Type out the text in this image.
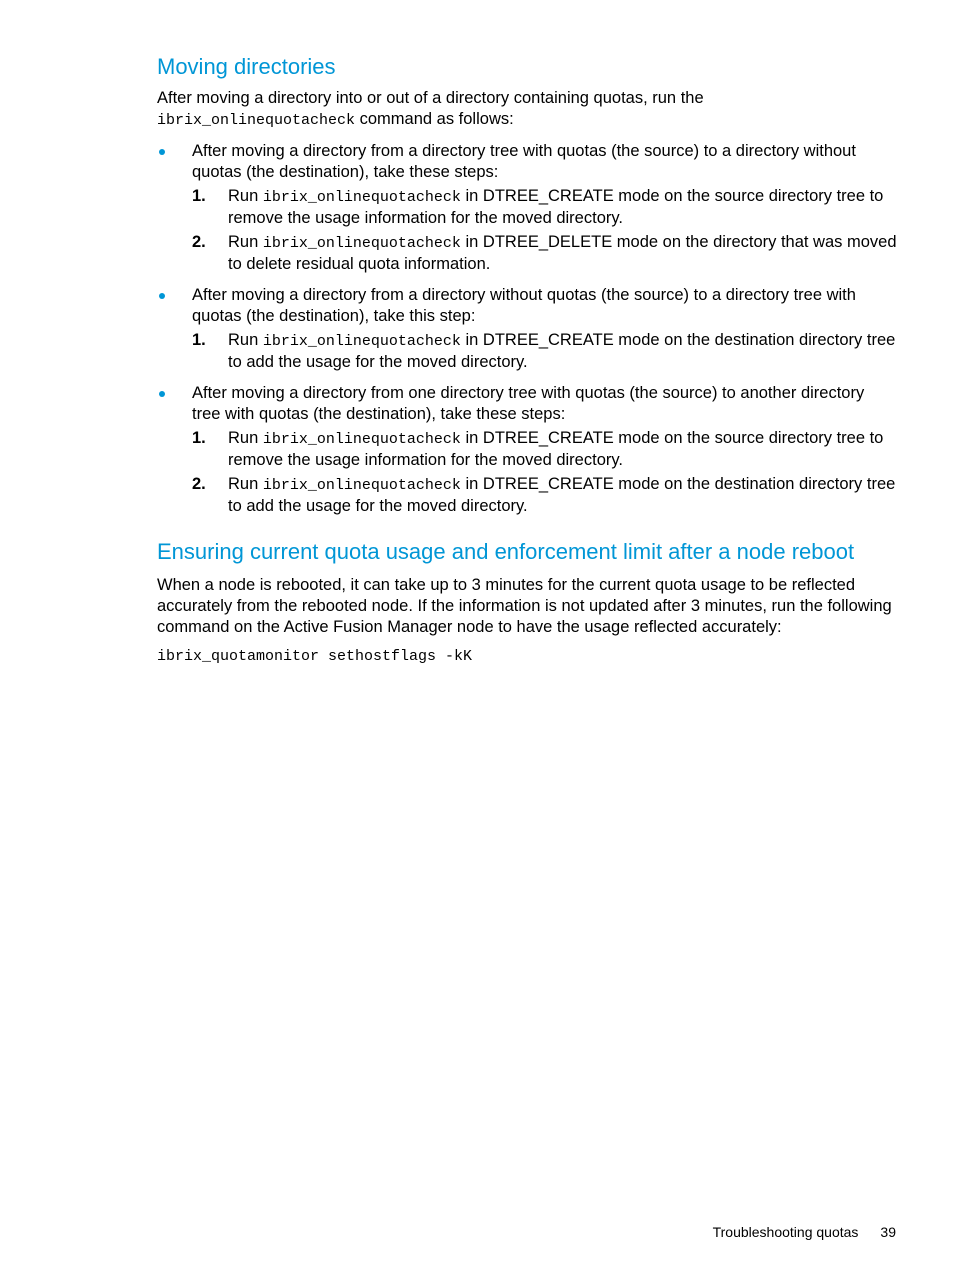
Moving directories

After moving a directory into or out of a directory containing quotas, run the
ibrix_onlinequotacheck command as follows:

After moving a directory from a directory tree with quotas (the source) to a directory without quotas (the destination), take these steps:
1. Run ibrix_onlinequotacheck in DTREE_CREATE mode on the source directory tree to remove the usage information for the moved directory.
2. Run ibrix_onlinequotacheck in DTREE_DELETE mode on the directory that was moved to delete residual quota information.
After moving a directory from a directory without quotas (the source) to a directory tree with quotas (the destination), take this step:
1. Run ibrix_onlinequotacheck in DTREE_CREATE mode on the destination directory tree to add the usage for the moved directory.
After moving a directory from one directory tree with quotas (the source) to another directory tree with quotas (the destination), take these steps:
1. Run ibrix_onlinequotacheck in DTREE_CREATE mode on the source directory tree to remove the usage information for the moved directory.
2. Run ibrix_onlinequotacheck in DTREE_CREATE mode on the destination directory tree to add the usage for the moved directory.
Ensuring current quota usage and enforcement limit after a node reboot

When a node is rebooted, it can take up to 3 minutes for the current quota usage to be reflected accurately from the rebooted node. If the information is not updated after 3 minutes, run the following command on the Active Fusion Manager node to have the usage reflected accurately:

ibrix_quotamonitor sethostflags -kK
Troubleshooting quotas 39
